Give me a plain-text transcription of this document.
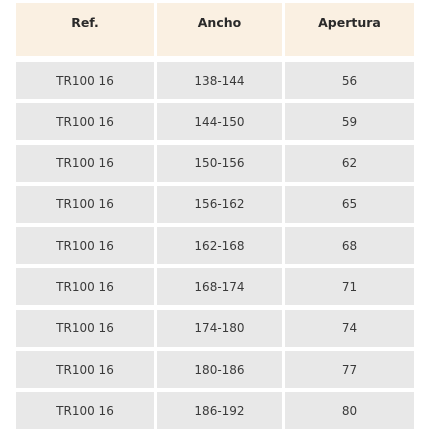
Ref.	Ancho	Apertura
TR100 16	138-144	56
TR100 16	144-150	59
TR100 16	150-156	62
TR100 16	156-162	65
TR100 16	162-168	68
TR100 16	168-174	71
TR100 16	174-180	74
TR100 16	180-186	77
TR100 16	186-192	80
